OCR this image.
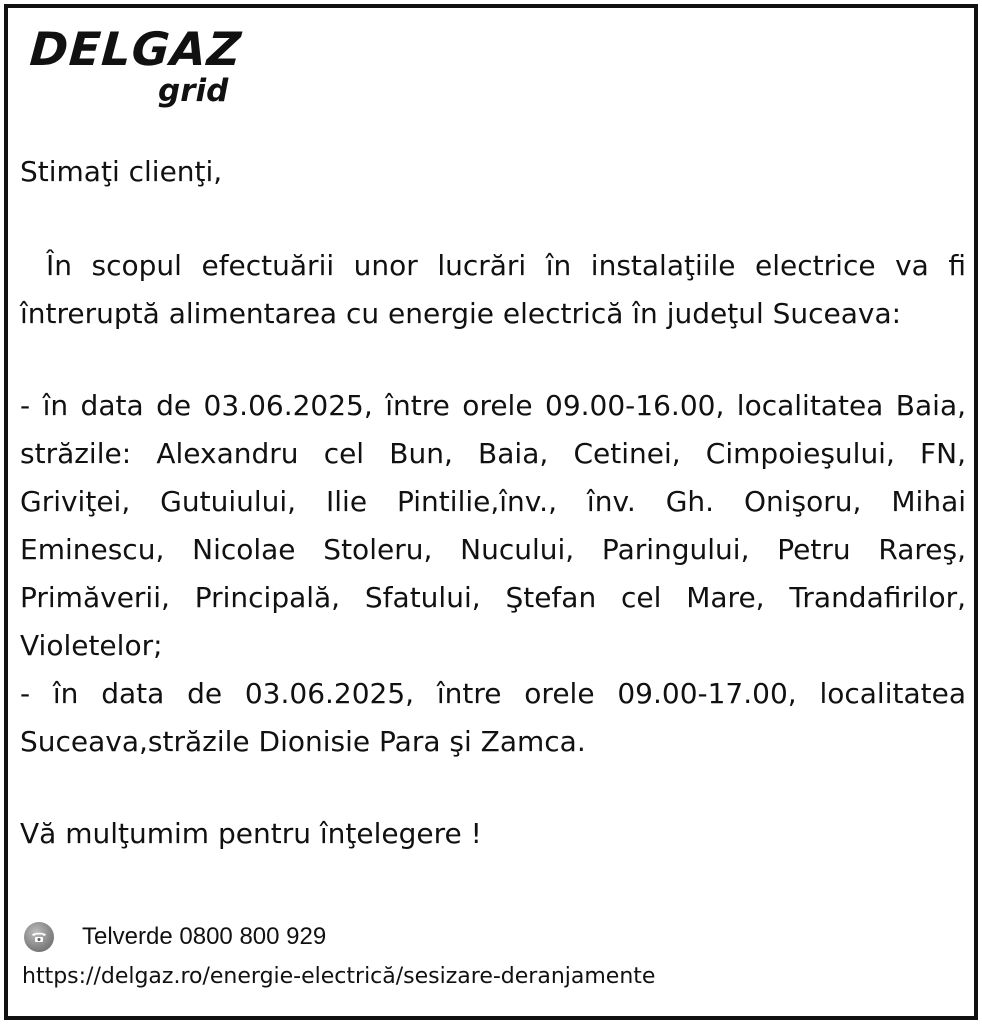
DELGAZ
grid

Stimaţi clienţi,

În scopul efectuării unor lucrări în instalaţiile electrice va fi întreruptă alimentarea cu energie electrică în judeţul Suceava:

- în data de 03.06.2025, între orele 09.00-16.00, localitatea Baia, străzile: Alexandru cel Bun, Baia, Cetinei, Cimpoieşului, FN, Griviţei, Gutuiului, Ilie Pintilie,înv., înv. Gh. Onişoru, Mihai Eminescu, Nicolae Stoleru, Nucului, Paringului, Petru Rareş, Primăverii, Principală, Sfatului, Ştefan cel Mare, Trandafirilor, Violetelor;

- în data de 03.06.2025, între orele 09.00-17.00, localitatea Suceava,străzile Dionisie Para şi Zamca.

Vă mulţumim pentru înţelegere !

Telverde 0800 800 929
https://delgaz.ro/energie-electrică/sesizare-deranjamente
